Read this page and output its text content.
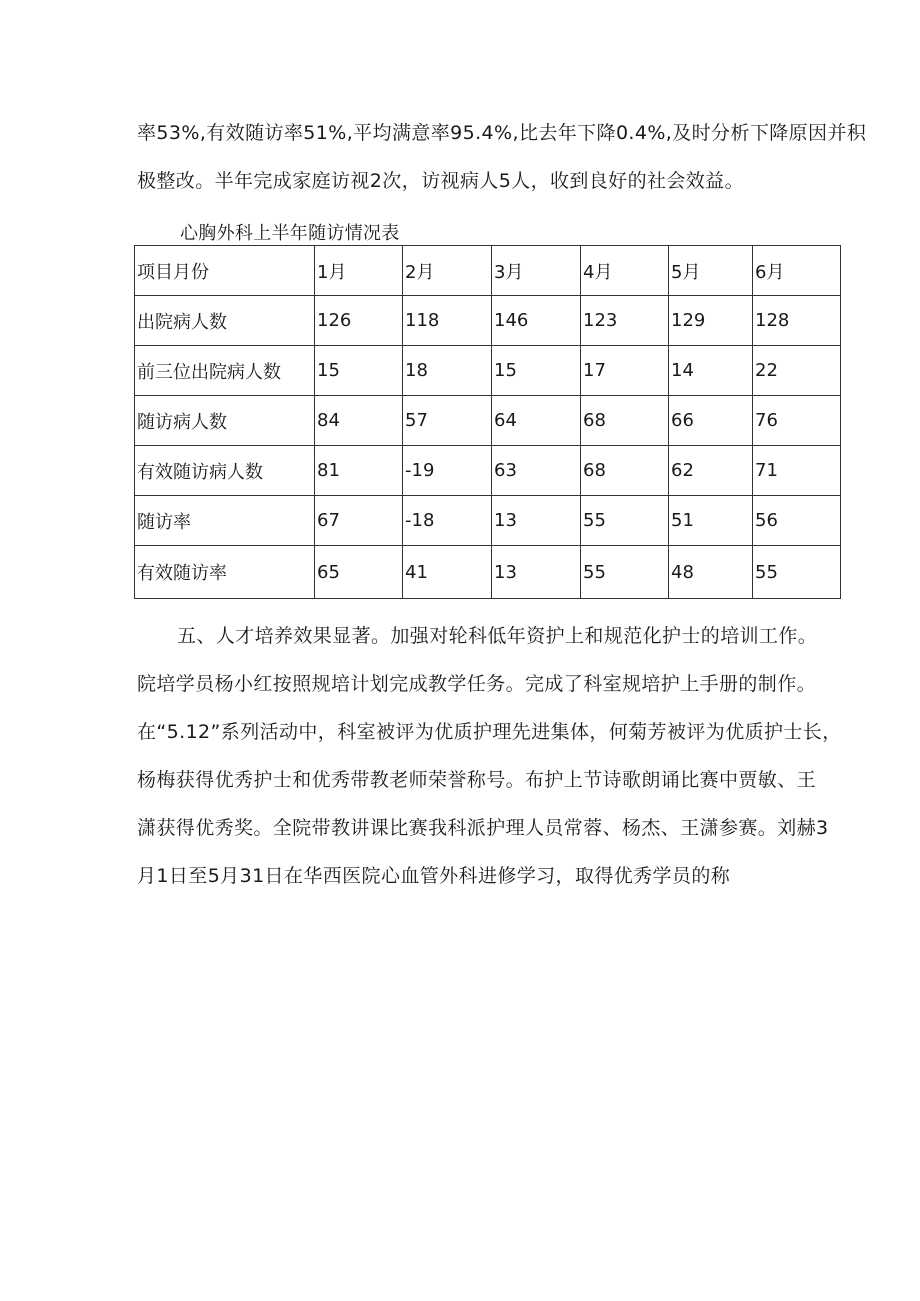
率53%,有效随访率51%,平均满意率95.4%,比去年下降0.4%,及时分析下降原因并积
极整改。半年完成家庭访视2次，访视病人5人，收到良好的社会效益。
心胸外科上半年随访情况表
项目月份	1月	2月	3月	4月	5月	6月
出院病人数	126	118	146	123	129	128
前三位出院病人数	15	18	15	17	14	22
随访病人数	84	57	64	68	66	76
有效随访病人数	81	-19	63	68	62	71
随访率	67	-18	13	55	51	56
有效随访率	65	41	13	55	48	55
五、人才培养效果显著。加强对轮科低年资护上和规范化护士的培训工作。
院培学员杨小红按照规培计划完成教学任务。完成了科室规培护上手册的制作。
在“5.12”系列活动中，科室被评为优质护理先进集体，何菊芳被评为优质护士长，
杨梅获得优秀护士和优秀带教老师荣誉称号。布护上节诗歌朗诵比赛中贾敏、王
潇获得优秀奖。全院带教讲课比赛我科派护理人员常蓉、杨杰、王潇参赛。刘赫3
月1日至5月31日在华西医院心血管外科进修学习，取得优秀学员的称
